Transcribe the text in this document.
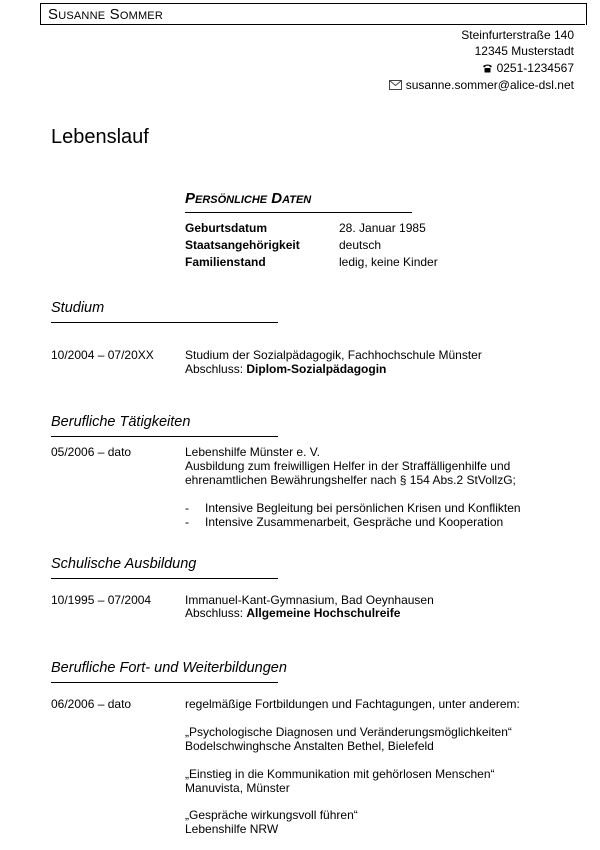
Susanne Sommer
Steinfurterstraße 140
12345 Musterstadt
0251-1234567
susanne.sommer@alice-dsl.net
Lebenslauf
Persönliche Daten
Geburtsdatum	28. Januar 1985
Staatsangehörigkeit	deutsch
Familienstand	ledig, keine Kinder
Studium
10/2004 – 07/20XX	Studium der Sozialpädagogik, Fachhochschule Münster
Abschluss: Diplom-Sozialpädagogin
Berufliche Tätigkeiten
05/2006 – dato	Lebenshilfe Münster e. V.
Ausbildung zum freiwilligen Helfer in der Straffälligenhilfe und
ehrenamtlichen Bewährungshelfer nach § 154 Abs.2 StVollzG;
- Intensive Begleitung bei persönlichen Krisen und Konflikten
- Intensive Zusammenarbeit, Gespräche und Kooperation
Schulische Ausbildung
10/1995 – 07/2004	Immanuel-Kant-Gymnasium, Bad Oeynhausen
Abschluss: Allgemeine Hochschulreife
Berufliche Fort- und Weiterbildungen
06/2006 – dato	regelmäßige Fortbildungen und Fachtagungen, unter anderem:
„Psychologische Diagnosen und Veränderungsmöglichkeiten“
Bodelschwinghsche Anstalten Bethel, Bielefeld
„Einstieg in die Kommunikation mit gehörlosen Menschen“
Manuvista, Münster
„Gespräche wirkungsvoll führen“
Lebenshilfe NRW
